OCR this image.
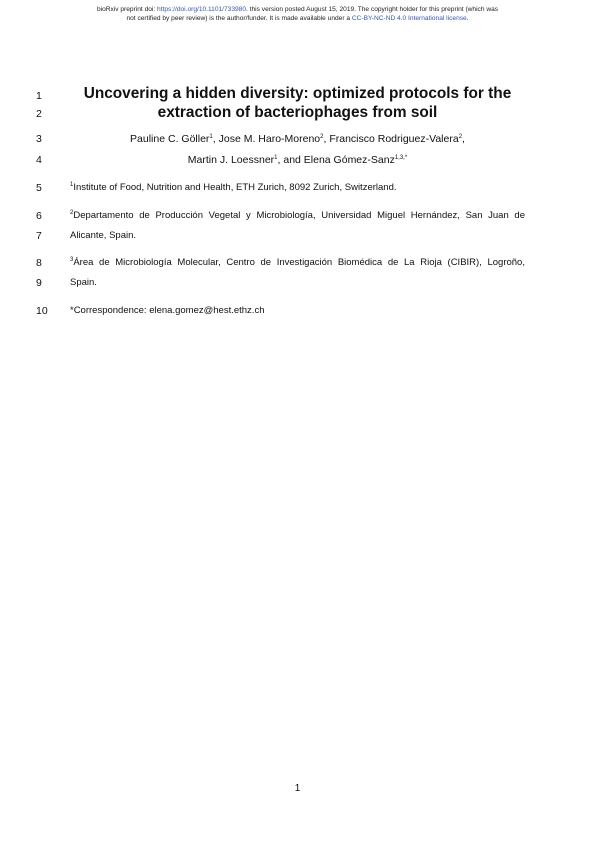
bioRxiv preprint doi: https://doi.org/10.1101/733980. this version posted August 15, 2019. The copyright holder for this preprint (which was
not certified by peer review) is the author/funder. It is made available under a CC-BY-NC-ND 4.0 International license.
1
2
3
4
5
6
7
8
9
10
Uncovering a hidden diversity: optimized protocols for the
extraction of bacteriophages from soil
Pauline C. Göller$^1$, Jose M. Haro-Moreno$^2$, Francisco Rodriguez-Valera$^2$,
Martin J. Loessner$^1$, and Elena Gómez-Sanz$^{1,3,*}$
$^1$Institute of Food, Nutrition and Health, ETH Zurich, 8092 Zurich, Switzerland.
$^2$Departamento de Producción Vegetal y Microbiología, Universidad Miguel Hernández, San Juan de
Alicante, Spain.
$^3$Área de Microbiología Molecular, Centro de Investigación Biomédica de La Rioja (CIBIR), Logroño,
Spain.
*Correspondence: elena.gomez@hest.ethz.ch
1
